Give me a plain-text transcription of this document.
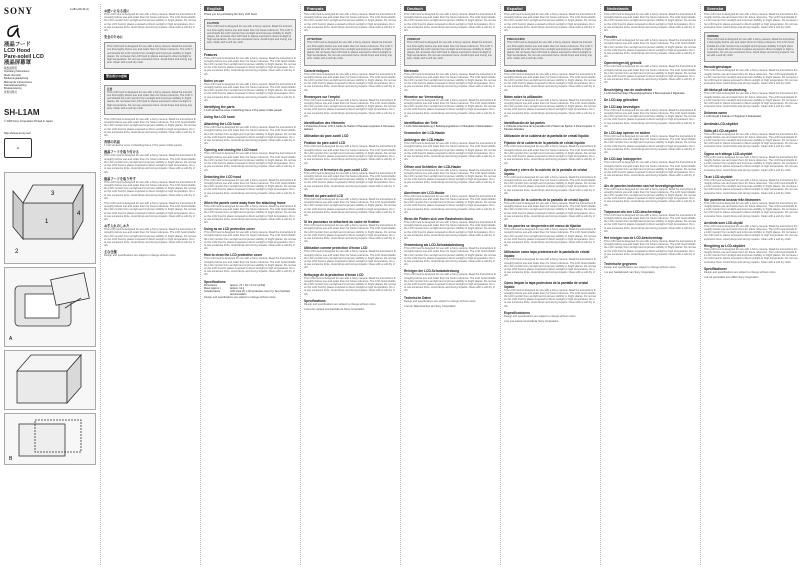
SONY	4-181-232-01(1)
液晶フード
LCD Hood
Pare-soleil LCD
液晶屏幕罩
取扱説明書
Operating Instructions
Mode d'emploi
Bedienungsanleitung
Manual de instrucciones
Gebruiksaanwijzing
Bruksanvisning
使用说明书
SH-L1AM
© 2009 Sony Corporation Printed in Japan
http://www.sony.net/
♻
1
3
4
2
A
B
お使いになる前に
This LCD hood is designed for use with a Sony camera. Read the instructions thoroughly before use and retain them for future reference. The LCD hood shields the LCD monitor from sunlight and improves visibility in bright places. Do not leave the LCD hood in places exposed to direct sunlight or high temperature. Do not use excessive force. Avoid drops and strong impacts. Clean with a soft dry cloth.
安全のために
This LCD hood is designed for use with a Sony camera. Read the instructions thoroughly before use and retain them for future reference. The LCD hood shields the LCD monitor from sunlight and improves visibility in bright places. Do not leave the LCD hood in places exposed to direct sunlight or high temperature. Do not use excessive force. Avoid drops and strong impacts. Clean with a soft dry cloth.
警告表示の意味
注意
This LCD hood is designed for use with a Sony camera. Read the instructions thoroughly before use and retain them for future reference. The LCD hood shields the LCD monitor from sunlight and improves visibility in bright places. Do not leave the LCD hood in places exposed to direct sunlight or high temperature. Do not use excessive force. Avoid drops and strong impacts. Clean with a soft dry cloth.
This LCD hood is designed for use with a Sony camera. Read the instructions thoroughly before use and retain them for future reference. The LCD hood shields the LCD monitor from sunlight and improves visibility in bright places. Do not leave the LCD hood in places exposed to direct sunlight or high temperature. Do not use excessive force. Avoid drops and strong impacts. Clean with a soft dry cloth.
各部の名前
1 LCD protective cover 2 Attaching frame 3 Top panel 4 Side panels
液晶フードを取り付ける
This LCD hood is designed for use with a Sony camera. Read the instructions thoroughly before use and retain them for future reference. The LCD hood shields the LCD monitor from sunlight and improves visibility in bright places. Do not leave the LCD hood in places exposed to direct sunlight or high temperature. Do not use excessive force. Avoid drops and strong impacts. Clean with a soft dry cloth.
液晶フードを取り外す
This LCD hood is designed for use with a Sony camera. Read the instructions thoroughly before use and retain them for future reference. The LCD hood shields the LCD monitor from sunlight and improves visibility in bright places. Do not leave the LCD hood in places exposed to direct sunlight or high temperature. Do not use excessive force. Avoid drops and strong impacts. Clean with a soft dry cloth.
This LCD hood is designed for use with a Sony camera. Read the instructions thoroughly before use and retain them for future reference. The LCD hood shields the LCD monitor from sunlight and improves visibility in bright places. Do not leave the LCD hood in places exposed to direct sunlight or high temperature. Do not use excessive force. Avoid drops and strong impacts. Clean with a soft dry cloth.
お手入れのしかた
This LCD hood is designed for use with a Sony camera. Read the instructions thoroughly before use and retain them for future reference. The LCD hood shields the LCD monitor from sunlight and improves visibility in bright places. Do not leave the LCD hood in places exposed to direct sunlight or high temperature. Do not use excessive force. Avoid drops and strong impacts. Clean with a soft dry cloth.
主な仕様
Design and specifications are subject to change without notice.
English
Thank you for purchasing the Sony LCD hood.
CAUTION
This LCD hood is designed for use with a Sony camera. Read the instructions thoroughly before use and retain them for future reference. The LCD hood shields the LCD monitor from sunlight and improves visibility in bright places. Do not leave the LCD hood in places exposed to direct sunlight or high temperature. Do not use excessive force. Avoid drops and strong impacts. Clean with a soft dry cloth.
Features
This LCD hood is designed for use with a Sony camera. Read the instructions thoroughly before use and retain them for future reference. The LCD hood shields the LCD monitor from sunlight and improves visibility in bright places. Do not leave the LCD hood in places exposed to direct sunlight or high temperature. Do not use excessive force. Avoid drops and strong impacts. Clean with a soft dry cloth.
Notes on use
This LCD hood is designed for use with a Sony camera. Read the instructions thoroughly before use and retain them for future reference. The LCD hood shields the LCD monitor from sunlight and improves visibility in bright places. Do not leave the LCD hood in places exposed to direct sunlight or high temperature. Do not use excessive force. Avoid drops and strong impacts. Clean with a soft dry cloth.
Identifying the parts
1 LCD protective cover 2 Attaching frame 3 Top panel 4 Side panels
Using the LCD hood
Attaching the LCD hood
This LCD hood is designed for use with a Sony camera. Read the instructions thoroughly before use and retain them for future reference. The LCD hood shields the LCD monitor from sunlight and improves visibility in bright places. Do not leave the LCD hood in places exposed to direct sunlight or high temperature. Do not use excessive force. Avoid drops and strong impacts. Clean with a soft dry cloth.
Opening and closing the LCD hood
This LCD hood is designed for use with a Sony camera. Read the instructions thoroughly before use and retain them for future reference. The LCD hood shields the LCD monitor from sunlight and improves visibility in bright places. Do not leave the LCD hood in places exposed to direct sunlight or high temperature. Do not use excessive force. Avoid drops and strong impacts. Clean with a soft dry cloth.
Detaching the LCD hood
This LCD hood is designed for use with a Sony camera. Read the instructions thoroughly before use and retain them for future reference. The LCD hood shields the LCD monitor from sunlight and improves visibility in bright places. Do not leave the LCD hood in places exposed to direct sunlight or high temperature. Do not use excessive force. Avoid drops and strong impacts. Clean with a soft dry cloth.
When the panels come away from the attaching frame
This LCD hood is designed for use with a Sony camera. Read the instructions thoroughly before use and retain them for future reference. The LCD hood shields the LCD monitor from sunlight and improves visibility in bright places. Do not leave the LCD hood in places exposed to direct sunlight or high temperature. Do not use excessive force. Avoid drops and strong impacts. Clean with a soft dry cloth.
Using as an LCD protective cover
This LCD hood is designed for use with a Sony camera. Read the instructions thoroughly before use and retain them for future reference. The LCD hood shields the LCD monitor from sunlight and improves visibility in bright places. Do not leave the LCD hood in places exposed to direct sunlight or high temperature. Do not use excessive force. Avoid drops and strong impacts. Clean with a soft dry cloth.
How to clean the LCD protective cover
This LCD hood is designed for use with a Sony camera. Read the instructions thoroughly before use and retain them for future reference. The LCD hood shields the LCD monitor from sunlight and improves visibility in bright places. Do not leave the LCD hood in places exposed to direct sunlight or high temperature. Do not use excessive force. Avoid drops and strong impacts. Clean with a soft dry cloth.
Specifications
Dimensions	Approx. 73 × 64 × 6 mm (w/h/d)
Mass (approx.)	Approx. 14 g
Included items	LCD hood (1), LCD protective cover (1), Set of printed documentation
Design and specifications are subject to change without notice.
Français
This LCD hood is designed for use with a Sony camera. Read the instructions thoroughly before use and retain them for future reference. The LCD hood shields the LCD monitor from sunlight and improves visibility in bright places. Do not leave the LCD hood in places exposed to direct sunlight or high temperature. Do not use excessive force. Avoid drops and strong impacts. Clean with a soft dry cloth.
ATTENTION
This LCD hood is designed for use with a Sony camera. Read the instructions thoroughly before use and retain them for future reference. The LCD hood shields the LCD monitor from sunlight and improves visibility in bright places. Do not leave the LCD hood in places exposed to direct sunlight or high temperature. Do not use excessive force. Avoid drops and strong impacts. Clean with a soft dry cloth.
Caractéristiques
This LCD hood is designed for use with a Sony camera. Read the instructions thoroughly before use and retain them for future reference. The LCD hood shields the LCD monitor from sunlight and improves visibility in bright places. Do not leave the LCD hood in places exposed to direct sunlight or high temperature. Do not use excessive force. Avoid drops and strong impacts. Clean with a soft dry cloth.
Remarques sur l'emploi
This LCD hood is designed for use with a Sony camera. Read the instructions thoroughly before use and retain them for future reference. The LCD hood shields the LCD monitor from sunlight and improves visibility in bright places. Do not leave the LCD hood in places exposed to direct sunlight or high temperature. Do not use excessive force. Avoid drops and strong impacts. Clean with a soft dry cloth.
Identification des éléments
1 Protection d'écran LCD 2 Cadre de fixation 3 Panneau supérieur 4 Panneaux latéraux
Utilisation du pare-soleil LCD
Fixation du pare-soleil LCD
This LCD hood is designed for use with a Sony camera. Read the instructions thoroughly before use and retain them for future reference. The LCD hood shields the LCD monitor from sunlight and improves visibility in bright places. Do not leave the LCD hood in places exposed to direct sunlight or high temperature. Do not use excessive force. Avoid drops and strong impacts. Clean with a soft dry cloth.
Ouverture et fermeture du pare-soleil LCD
This LCD hood is designed for use with a Sony camera. Read the instructions thoroughly before use and retain them for future reference. The LCD hood shields the LCD monitor from sunlight and improves visibility in bright places. Do not leave the LCD hood in places exposed to direct sunlight or high temperature. Do not use excessive force. Avoid drops and strong impacts. Clean with a soft dry cloth.
Retrait du pare-soleil LCD
This LCD hood is designed for use with a Sony camera. Read the instructions thoroughly before use and retain them for future reference. The LCD hood shields the LCD monitor from sunlight and improves visibility in bright places. Do not leave the LCD hood in places exposed to direct sunlight or high temperature. Do not use excessive force. Avoid drops and strong impacts. Clean with a soft dry cloth.
Si les panneaux se détachent du cadre de fixation
This LCD hood is designed for use with a Sony camera. Read the instructions thoroughly before use and retain them for future reference. The LCD hood shields the LCD monitor from sunlight and improves visibility in bright places. Do not leave the LCD hood in places exposed to direct sunlight or high temperature. Do not use excessive force. Avoid drops and strong impacts. Clean with a soft dry cloth.
Utilisation comme protection d'écran LCD
This LCD hood is designed for use with a Sony camera. Read the instructions thoroughly before use and retain them for future reference. The LCD hood shields the LCD monitor from sunlight and improves visibility in bright places. Do not leave the LCD hood in places exposed to direct sunlight or high temperature. Do not use excessive force. Avoid drops and strong impacts. Clean with a soft dry cloth.
Nettoyage de la protection d'écran LCD
This LCD hood is designed for use with a Sony camera. Read the instructions thoroughly before use and retain them for future reference. The LCD hood shields the LCD monitor from sunlight and improves visibility in bright places. Do not leave the LCD hood in places exposed to direct sunlight or high temperature. Do not use excessive force. Avoid drops and strong impacts. Clean with a soft dry cloth.
Spécifications
Design and specifications are subject to change without notice.
α est une marque commerciale de Sony Corporation.
Deutsch
This LCD hood is designed for use with a Sony camera. Read the instructions thoroughly before use and retain them for future reference. The LCD hood shields the LCD monitor from sunlight and improves visibility in bright places. Do not leave the LCD hood in places exposed to direct sunlight or high temperature. Do not use excessive force. Avoid drops and strong impacts. Clean with a soft dry cloth.
VORSICHT
This LCD hood is designed for use with a Sony camera. Read the instructions thoroughly before use and retain them for future reference. The LCD hood shields the LCD monitor from sunlight and improves visibility in bright places. Do not leave the LCD hood in places exposed to direct sunlight or high temperature. Do not use excessive force. Avoid drops and strong impacts. Clean with a soft dry cloth.
Merkmale
This LCD hood is designed for use with a Sony camera. Read the instructions thoroughly before use and retain them for future reference. The LCD hood shields the LCD monitor from sunlight and improves visibility in bright places. Do not leave the LCD hood in places exposed to direct sunlight or high temperature. Do not use excessive force. Avoid drops and strong impacts. Clean with a soft dry cloth.
Hinweise zur Verwendung
This LCD hood is designed for use with a Sony camera. Read the instructions thoroughly before use and retain them for future reference. The LCD hood shields the LCD monitor from sunlight and improves visibility in bright places. Do not leave the LCD hood in places exposed to direct sunlight or high temperature. Do not use excessive force. Avoid drops and strong impacts. Clean with a soft dry cloth.
Identifikation der Teile
1 LCD-Schutzabdeckung 2 Befestigungsrahmen 3 Oberplatte 4 Seitenplatten
Verwenden der LCD-Haube
Anbringen der LCD-Haube
This LCD hood is designed for use with a Sony camera. Read the instructions thoroughly before use and retain them for future reference. The LCD hood shields the LCD monitor from sunlight and improves visibility in bright places. Do not leave the LCD hood in places exposed to direct sunlight or high temperature. Do not use excessive force. Avoid drops and strong impacts. Clean with a soft dry cloth.
Öffnen und Schließen der LCD-Haube
This LCD hood is designed for use with a Sony camera. Read the instructions thoroughly before use and retain them for future reference. The LCD hood shields the LCD monitor from sunlight and improves visibility in bright places. Do not leave the LCD hood in places exposed to direct sunlight or high temperature. Do not use excessive force. Avoid drops and strong impacts. Clean with a soft dry cloth.
Abnehmen der LCD-Haube
This LCD hood is designed for use with a Sony camera. Read the instructions thoroughly before use and retain them for future reference. The LCD hood shields the LCD monitor from sunlight and improves visibility in bright places. Do not leave the LCD hood in places exposed to direct sunlight or high temperature. Do not use excessive force. Avoid drops and strong impacts. Clean with a soft dry cloth.
Wenn die Platten sich vom Rastrahmen lösen
This LCD hood is designed for use with a Sony camera. Read the instructions thoroughly before use and retain them for future reference. The LCD hood shields the LCD monitor from sunlight and improves visibility in bright places. Do not leave the LCD hood in places exposed to direct sunlight or high temperature. Do not use excessive force. Avoid drops and strong impacts. Clean with a soft dry cloth.
Verwendung als LCD-Schutzabdeckung
This LCD hood is designed for use with a Sony camera. Read the instructions thoroughly before use and retain them for future reference. The LCD hood shields the LCD monitor from sunlight and improves visibility in bright places. Do not leave the LCD hood in places exposed to direct sunlight or high temperature. Do not use excessive force. Avoid drops and strong impacts. Clean with a soft dry cloth.
Reinigen der LCD-Schutzabdeckung
This LCD hood is designed for use with a Sony camera. Read the instructions thoroughly before use and retain them for future reference. The LCD hood shields the LCD monitor from sunlight and improves visibility in bright places. Do not leave the LCD hood in places exposed to direct sunlight or high temperature. Do not use excessive force. Avoid drops and strong impacts. Clean with a soft dry cloth.
Technische Daten
Design and specifications are subject to change without notice.
α ist ein Warenzeichen der Sony Corporation.
Español
This LCD hood is designed for use with a Sony camera. Read the instructions thoroughly before use and retain them for future reference. The LCD hood shields the LCD monitor from sunlight and improves visibility in bright places. Do not leave the LCD hood in places exposed to direct sunlight or high temperature. Do not use excessive force. Avoid drops and strong impacts. Clean with a soft dry cloth.
PRECAUCIÓN
This LCD hood is designed for use with a Sony camera. Read the instructions thoroughly before use and retain them for future reference. The LCD hood shields the LCD monitor from sunlight and improves visibility in bright places. Do not leave the LCD hood in places exposed to direct sunlight or high temperature. Do not use excessive force. Avoid drops and strong impacts. Clean with a soft dry cloth.
Características
This LCD hood is designed for use with a Sony camera. Read the instructions thoroughly before use and retain them for future reference. The LCD hood shields the LCD monitor from sunlight and improves visibility in bright places. Do not leave the LCD hood in places exposed to direct sunlight or high temperature. Do not use excessive force. Avoid drops and strong impacts. Clean with a soft dry cloth.
Notas sobre la utilización
This LCD hood is designed for use with a Sony camera. Read the instructions thoroughly before use and retain them for future reference. The LCD hood shields the LCD monitor from sunlight and improves visibility in bright places. Do not leave the LCD hood in places exposed to direct sunlight or high temperature. Do not use excessive force. Avoid drops and strong impacts. Clean with a soft dry cloth.
Identificación de las partes
1 Cubierta protectora de la pantalla LCD 2 Marco de fijación 3 Panel superior 4 Paneles laterales
Utilización de la cubierta de la pantalla de cristal líquido
Fijación de la cubierta de la pantalla de cristal líquido
This LCD hood is designed for use with a Sony camera. Read the instructions thoroughly before use and retain them for future reference. The LCD hood shields the LCD monitor from sunlight and improves visibility in bright places. Do not leave the LCD hood in places exposed to direct sunlight or high temperature. Do not use excessive force. Avoid drops and strong impacts. Clean with a soft dry cloth.
Apertura y cierre de la cubierta de la pantalla de cristal líquido
This LCD hood is designed for use with a Sony camera. Read the instructions thoroughly before use and retain them for future reference. The LCD hood shields the LCD monitor from sunlight and improves visibility in bright places. Do not leave the LCD hood in places exposed to direct sunlight or high temperature. Do not use excessive force. Avoid drops and strong impacts. Clean with a soft dry cloth.
Extracción de la cubierta de la pantalla de cristal líquido
This LCD hood is designed for use with a Sony camera. Read the instructions thoroughly before use and retain them for future reference. The LCD hood shields the LCD monitor from sunlight and improves visibility in bright places. Do not leave the LCD hood in places exposed to direct sunlight or high temperature. Do not use excessive force. Avoid drops and strong impacts. Clean with a soft dry cloth.
Si los paneles se desprenden del marco de fijación
This LCD hood is designed for use with a Sony camera. Read the instructions thoroughly before use and retain them for future reference. The LCD hood shields the LCD monitor from sunlight and improves visibility in bright places. Do not leave the LCD hood in places exposed to direct sunlight or high temperature. Do not use excessive force. Avoid drops and strong impacts. Clean with a soft dry cloth.
Utilización como tapa protectora de la pantalla de cristal líquido
This LCD hood is designed for use with a Sony camera. Read the instructions thoroughly before use and retain them for future reference. The LCD hood shields the LCD monitor from sunlight and improves visibility in bright places. Do not leave the LCD hood in places exposed to direct sunlight or high temperature. Do not use excessive force. Avoid drops and strong impacts. Clean with a soft dry cloth.
Cómo limpiar la tapa protectora de la pantalla de cristal líquido
This LCD hood is designed for use with a Sony camera. Read the instructions thoroughly before use and retain them for future reference. The LCD hood shields the LCD monitor from sunlight and improves visibility in bright places. Do not leave the LCD hood in places exposed to direct sunlight or high temperature. Do not use excessive force. Avoid drops and strong impacts. Clean with a soft dry cloth.
Especificaciones
Design and specifications are subject to change without notice.
α es una marca comercial de Sony Corporation.
Nederlands
This LCD hood is designed for use with a Sony camera. Read the instructions thoroughly before use and retain them for future reference. The LCD hood shields the LCD monitor from sunlight and improves visibility in bright places. Do not leave the LCD hood in places exposed to direct sunlight or high temperature. Do not use excessive force. Avoid drops and strong impacts. Clean with a soft dry cloth.
Functies
This LCD hood is designed for use with a Sony camera. Read the instructions thoroughly before use and retain them for future reference. The LCD hood shields the LCD monitor from sunlight and improves visibility in bright places. Do not leave the LCD hood in places exposed to direct sunlight or high temperature. Do not use excessive force. Avoid drops and strong impacts. Clean with a soft dry cloth.
Opmerkingen bij gebruik
This LCD hood is designed for use with a Sony camera. Read the instructions thoroughly before use and retain them for future reference. The LCD hood shields the LCD monitor from sunlight and improves visibility in bright places. Do not leave the LCD hood in places exposed to direct sunlight or high temperature. Do not use excessive force. Avoid drops and strong impacts. Clean with a soft dry cloth.
Beschrijving van de onderdelen
1 LCD-beschermkap 2 Bevestigingsframe 3 Bovenpaneel 4 Zijpanelen
De LCD-kap gebruiken
De LCD-kap bevestigen
This LCD hood is designed for use with a Sony camera. Read the instructions thoroughly before use and retain them for future reference. The LCD hood shields the LCD monitor from sunlight and improves visibility in bright places. Do not leave the LCD hood in places exposed to direct sunlight or high temperature. Do not use excessive force. Avoid drops and strong impacts. Clean with a soft dry cloth.
De LCD-kap openen en sluiten
This LCD hood is designed for use with a Sony camera. Read the instructions thoroughly before use and retain them for future reference. The LCD hood shields the LCD monitor from sunlight and improves visibility in bright places. Do not leave the LCD hood in places exposed to direct sunlight or high temperature. Do not use excessive force. Avoid drops and strong impacts. Clean with a soft dry cloth.
De LCD-kap loskoppelen
This LCD hood is designed for use with a Sony camera. Read the instructions thoroughly before use and retain them for future reference. The LCD hood shields the LCD monitor from sunlight and improves visibility in bright places. Do not leave the LCD hood in places exposed to direct sunlight or high temperature. Do not use excessive force. Avoid drops and strong impacts. Clean with a soft dry cloth.
Als de panelen loskomen van het bevestigingsframe
This LCD hood is designed for use with a Sony camera. Read the instructions thoroughly before use and retain them for future reference. The LCD hood shields the LCD monitor from sunlight and improves visibility in bright places. Do not leave the LCD hood in places exposed to direct sunlight or high temperature. Do not use excessive force. Avoid drops and strong impacts. Clean with a soft dry cloth.
Toepassen als een LCD-beschermkap
This LCD hood is designed for use with a Sony camera. Read the instructions thoroughly before use and retain them for future reference. The LCD hood shields the LCD monitor from sunlight and improves visibility in bright places. Do not leave the LCD hood in places exposed to direct sunlight or high temperature. Do not use excessive force. Avoid drops and strong impacts. Clean with a soft dry cloth.
Het reinigen van de LCD-beschermkap
This LCD hood is designed for use with a Sony camera. Read the instructions thoroughly before use and retain them for future reference. The LCD hood shields the LCD monitor from sunlight and improves visibility in bright places. Do not leave the LCD hood in places exposed to direct sunlight or high temperature. Do not use excessive force. Avoid drops and strong impacts. Clean with a soft dry cloth.
Technische gegevens
Design and specifications are subject to change without notice.
α is een handelsmerk van Sony Corporation.
Svenska
This LCD hood is designed for use with a Sony camera. Read the instructions thoroughly before use and retain them for future reference. The LCD hood shields the LCD monitor from sunlight and improves visibility in bright places. Do not leave the LCD hood in places exposed to direct sunlight or high temperature. Do not use excessive force. Avoid drops and strong impacts. Clean with a soft dry cloth.
VARNING
This LCD hood is designed for use with a Sony camera. Read the instructions thoroughly before use and retain them for future reference. The LCD hood shields the LCD monitor from sunlight and improves visibility in bright places. Do not leave the LCD hood in places exposed to direct sunlight or high temperature. Do not use excessive force. Avoid drops and strong impacts. Clean with a soft dry cloth.
Huvudegenskaper
This LCD hood is designed for use with a Sony camera. Read the instructions thoroughly before use and retain them for future reference. The LCD hood shields the LCD monitor from sunlight and improves visibility in bright places. Do not leave the LCD hood in places exposed to direct sunlight or high temperature. Do not use excessive force. Avoid drops and strong impacts. Clean with a soft dry cloth.
Att tänka på vid användning
This LCD hood is designed for use with a Sony camera. Read the instructions thoroughly before use and retain them for future reference. The LCD hood shields the LCD monitor from sunlight and improves visibility in bright places. Do not leave the LCD hood in places exposed to direct sunlight or high temperature. Do not use excessive force. Avoid drops and strong impacts. Clean with a soft dry cloth.
Delarnas namn
1 LCD-skydd 2 Fästram 3 Toppanel 4 Sidopaneler
Använda LCD-skyddet
Sätta på LCD-skyddet
This LCD hood is designed for use with a Sony camera. Read the instructions thoroughly before use and retain them for future reference. The LCD hood shields the LCD monitor from sunlight and improves visibility in bright places. Do not leave the LCD hood in places exposed to direct sunlight or high temperature. Do not use excessive force. Avoid drops and strong impacts. Clean with a soft dry cloth.
Öppna och stänga LCD-skyddet
This LCD hood is designed for use with a Sony camera. Read the instructions thoroughly before use and retain them for future reference. The LCD hood shields the LCD monitor from sunlight and improves visibility in bright places. Do not leave the LCD hood in places exposed to direct sunlight or high temperature. Do not use excessive force. Avoid drops and strong impacts. Clean with a soft dry cloth.
Ta av LCD-skyddet
This LCD hood is designed for use with a Sony camera. Read the instructions thoroughly before use and retain them for future reference. The LCD hood shields the LCD monitor from sunlight and improves visibility in bright places. Do not leave the LCD hood in places exposed to direct sunlight or high temperature. Do not use excessive force. Avoid drops and strong impacts. Clean with a soft dry cloth.
När panelerna lossnar från fästramen
This LCD hood is designed for use with a Sony camera. Read the instructions thoroughly before use and retain them for future reference. The LCD hood shields the LCD monitor from sunlight and improves visibility in bright places. Do not leave the LCD hood in places exposed to direct sunlight or high temperature. Do not use excessive force. Avoid drops and strong impacts. Clean with a soft dry cloth.
Använda som LCD-skydd
This LCD hood is designed for use with a Sony camera. Read the instructions thoroughly before use and retain them for future reference. The LCD hood shields the LCD monitor from sunlight and improves visibility in bright places. Do not leave the LCD hood in places exposed to direct sunlight or high temperature. Do not use excessive force. Avoid drops and strong impacts. Clean with a soft dry cloth.
Rengöring av LCD-skyddet
This LCD hood is designed for use with a Sony camera. Read the instructions thoroughly before use and retain them for future reference. The LCD hood shields the LCD monitor from sunlight and improves visibility in bright places. Do not leave the LCD hood in places exposed to direct sunlight or high temperature. Do not use excessive force. Avoid drops and strong impacts. Clean with a soft dry cloth.
Specifikationer
Design and specifications are subject to change without notice.
α är ett varumärke som tillhör Sony Corporation.
